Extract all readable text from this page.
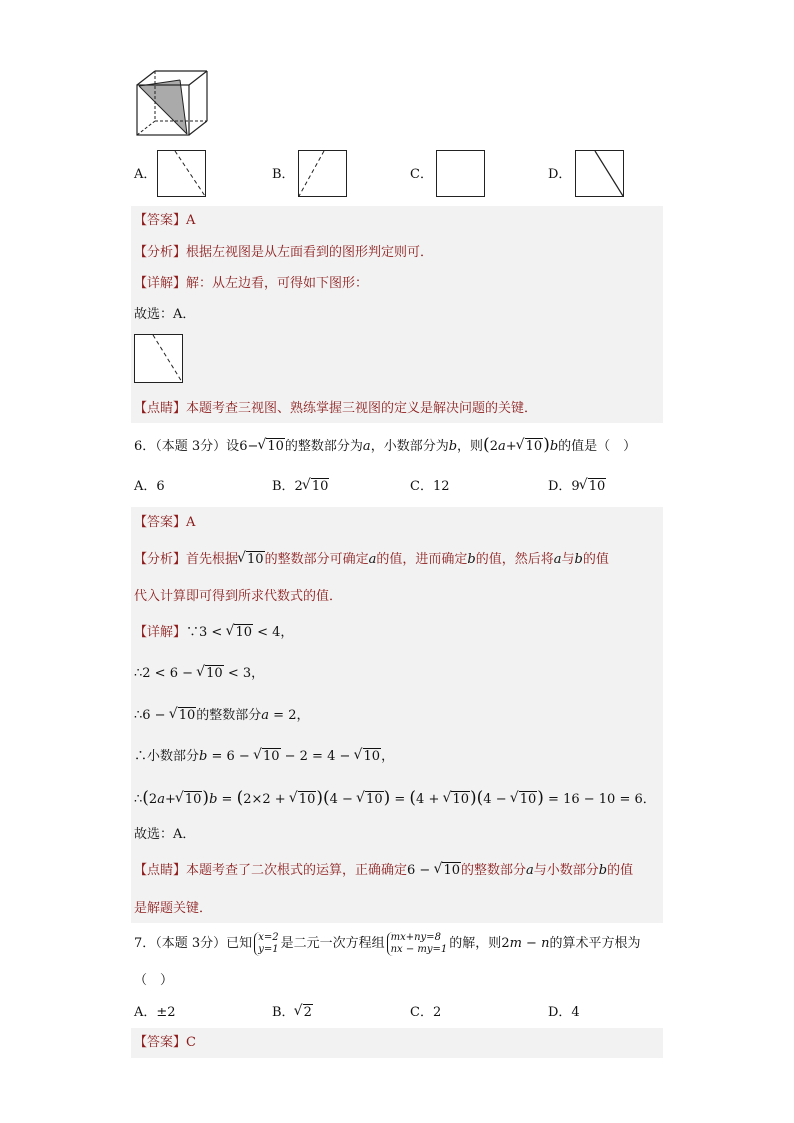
A．	B．	C．	D．
【答案】A
【分析】根据左视图是从左面看到的图形判定则可．
【详解】解：从左边看，可得如下图形：
故选：A．
【点睛】本题考查三视图、熟练掌握三视图的定义是解决问题的关键．
6．（本题 3分）设6− √ 10的整数部分为a，小数部分为b，则(2a+ √ 10)b的值是（　）
A．6	B．2 √ 10	C．12	D．9 √ 10
【答案】A
【分析】首先根据 √ 10的整数部分可确定a的值，进而确定b的值，然后将a与b的值
代入计算即可得到所求代数式的值．
【详解】∵3 < √ 10 < 4，
∴2 < 6 − √ 10 < 3，
∴6 − √ 10的整数部分a = 2，
∴小数部分b = 6 − √ 10 − 2 = 4 − √ 10，
∴(2a+ √ 10)b = (2×2 + √ 10)(4 − √ 10) = (4 + √ 10)(4 − √ 10) = 16 − 10 = 6．
故选：A．
【点睛】本题考查了二次根式的运算，正确确定6 − √ 10的整数部分a与小数部分b的值
是解题关键．
7．（本题 3分）已知 x=2
y=1 是二元一次方程组 mx+ny=8
nx − my=1 的解，则2m − n的算术平方根为
（　）
A．±2	B． √ 2	C．2	D．4
【答案】C
